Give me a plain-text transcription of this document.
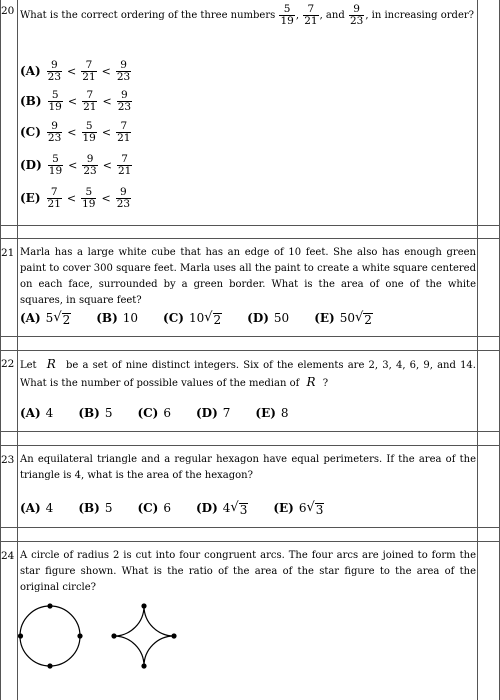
20 What is the correct ordering of the three numbers $\frac{5}{19}$ , $\frac{7}{21}$ , and $\frac{9}{23}$ , in increasing order?
$(A) \frac{9}{23} < \frac{7}{21} < \frac{9}{23}$
$(B) \frac{5}{19} < \frac{7}{21} < \frac{9}{23}$
$(C) \frac{9}{23} < \frac{5}{19} < \frac{7}{21}$
$(D) \frac{5}{19} < \frac{9}{23} < \frac{7}{21}$
$(E) \frac{7}{21} < \frac{5}{19} < \frac{9}{23}$
21 Marla has a large white cube that has an edge of 10 feet. She also has enough green paint to cover 300 square feet. Marla uses all the paint to create a white square centered on each face, surrounded by a green border. What is the area of one of the white squares, in square feet?
(A) 5 √ 2 (B) 10 (C) 10 √ 2 (D) 50 (E) 50 √ 2
22 Let R be a set of nine distinct integers. Six of the elements are 2, 3, 4, 6, 9, and 14. What is the number of possible values of the median of R ?
(A) 4 (B) 5 (C) 6 (D) 7 (E) 8
23 An equilateral triangle and a regular hexagon have equal perimeters. If the area of the triangle is 4, what is the area of the hexagon?
(A) 4 (B) 5 (C) 6 (D) 4 √ 3 (E) 6 √ 3
24 A circle of radius 2 is cut into four congruent arcs. The four arcs are joined to form the star figure shown. What is the ratio of the area of the star figure to the area of the original circle?
